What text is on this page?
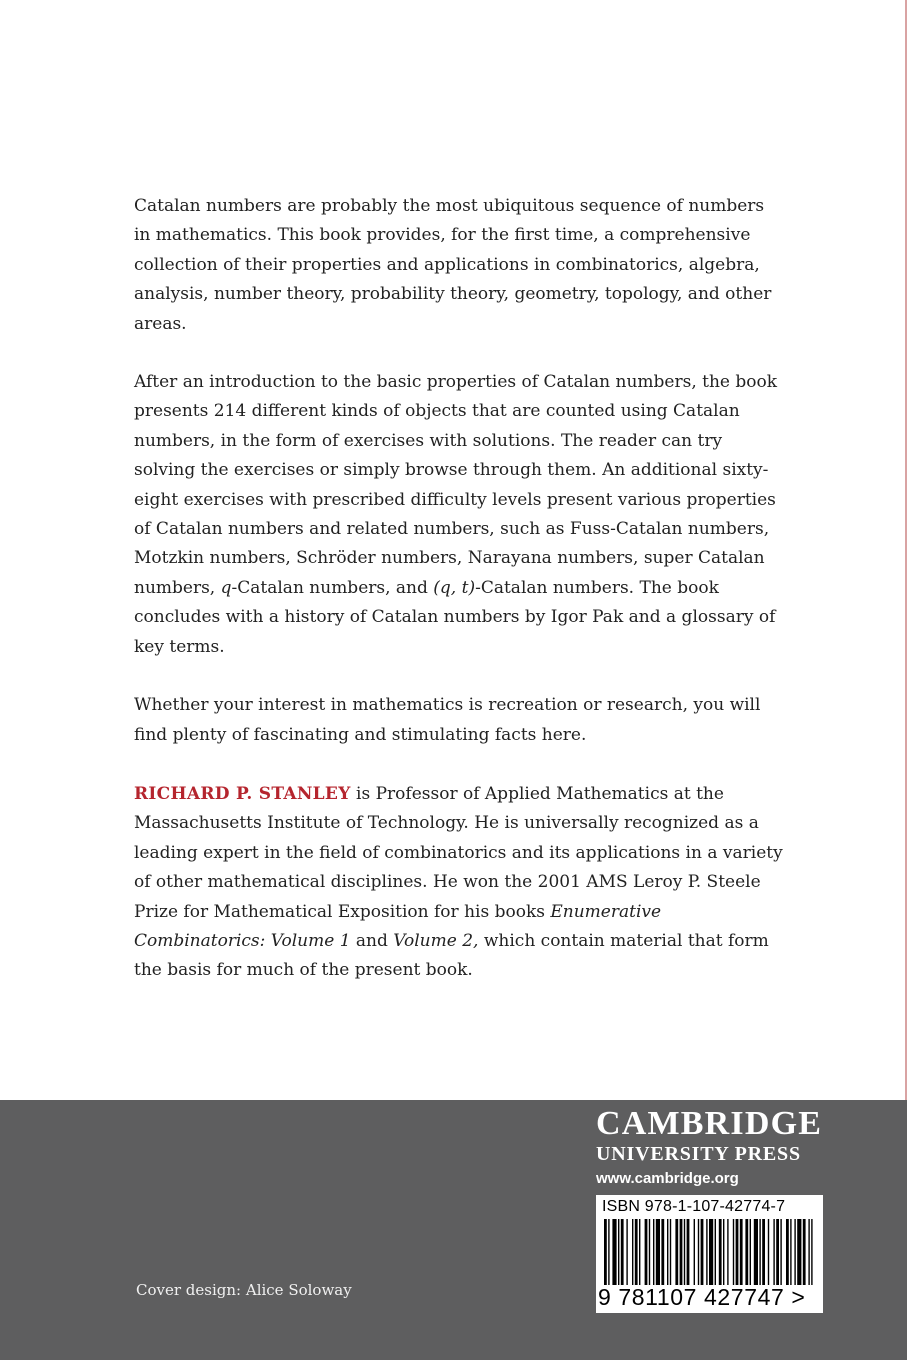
Catalan numbers are probably the most ubiquitous sequence of numbers in mathematics. This book provides, for the first time, a comprehensive collection of their properties and applications in combinatorics, algebra, analysis, number theory, probability theory, geometry, topology, and other areas.

After an introduction to the basic properties of Catalan numbers, the book presents 214 different kinds of objects that are counted using Catalan numbers, in the form of exercises with solutions. The reader can try solving the exercises or simply browse through them. An additional sixty-eight exercises with prescribed difficulty levels present various properties of Catalan numbers and related numbers, such as Fuss-Catalan numbers, Motzkin numbers, Schröder numbers, Narayana numbers, super Catalan numbers, q-Catalan numbers, and (q, t)-Catalan numbers. The book concludes with a history of Catalan numbers by Igor Pak and a glossary of key terms.

Whether your interest in mathematics is recreation or research, you will find plenty of fascinating and stimulating facts here.

RICHARD P. STANLEY is Professor of Applied Mathematics at the Massachusetts Institute of Technology. He is universally recognized as a leading expert in the field of combinatorics and its applications in a variety of other mathematical disciplines. He won the 2001 AMS Leroy P. Steele Prize for Mathematical Exposition for his books Enumerative Combinatorics: Volume 1 and Volume 2, which contain material that form the basis for much of the present book.

Cover design: Alice Soloway

CAMBRIDGE
UNIVERSITY PRESS
www.cambridge.org
ISBN 978-1-107-42774-7
9 781107 427747 >
